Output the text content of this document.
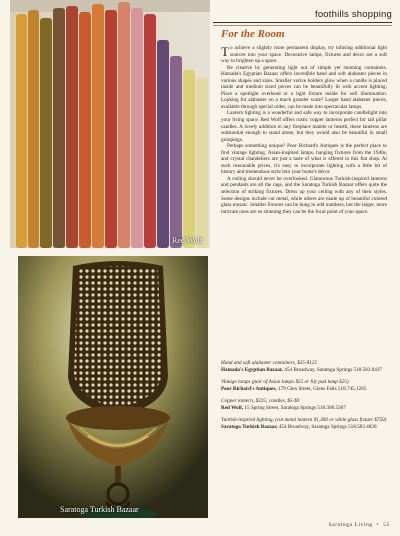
foothills shopping
Red Wolf
Saratoga Turkish Bazaar
For the Room

To achieve a slightly more permanent display, try infusing additional light sources into your space. Decorative lamps, fixtures and décor are a soft way to brighten up a space.

Be creative by generating light out of simple yet stunning containers. Hamada's Egyptian Bazaar offers incredible hand and soft alabaster pieces in various shapes and sizes. Smaller votive holders glow when a candle is placed inside and medium sized pieces can be beautifully lit with accent lighting. Place a spotlight overhead or a light fixture inside for soft illumination. Looking for alabaster on a much grander scale? Larger hand alabaster pieces, available through special order, can be made into spectacular lamps.

Lantern lighting is a wonderful and safe way to incorporate candlelight into your living space. Red Wolf offers rustic copper lanterns perfect for tall pillar candles. A lovely addition to any fireplace mantle or hearth, these lanterns are substantial enough to stand alone, but they would also be beautiful in small groupings.

Perhaps something unique? Poor Richard's Antiques is the perfect place to find vintage lighting. Asian-inspired lamps, hanging fixtures from the 1940s, and crystal chandeliers are just a taste of what is offered in this fun shop. At such reasonable prices, it's easy to incorporate lighting with a little bit of history and tremendous style into your home's décor.

A ceiling should never be overlooked. Glamorous Turkish-inspired lanterns and pendants are all the rage, and the Saratoga Turkish Bazaar offers quite the selection of striking fixtures. Dress up your ceiling with any of their styles. Some designs include cut metal, while others are made up of beautiful colored glass mosaic. Smaller fixtures can be hung in odd numbers, but the larger, more intricate ones are so stunning they can be the focal point of your space.

Hand and soft alabaster containers, $25-$125
Hamada's Egyptian Bazaar, 454 Broadway, Saratoga Springs 518.583.0437

Vintage lamps (pair of Asian lamps $55 or lily pad lamp $25)
Poor Richard's Antiques, 179 Glen Street, Glens Falls 518.745.1285

Copper lantern, $325; candles, $5-$9
Red Wolf, 15 Spring Street, Saratoga Springs 518.306.5367

Turkish-inspired lighting, (cut metal lantern $1,300 or white glass fixture $750)
Saratoga Turkish Bazaar, 454 Broadway, Saratoga Springs 518.583.4828

Saratoga Living • 55
